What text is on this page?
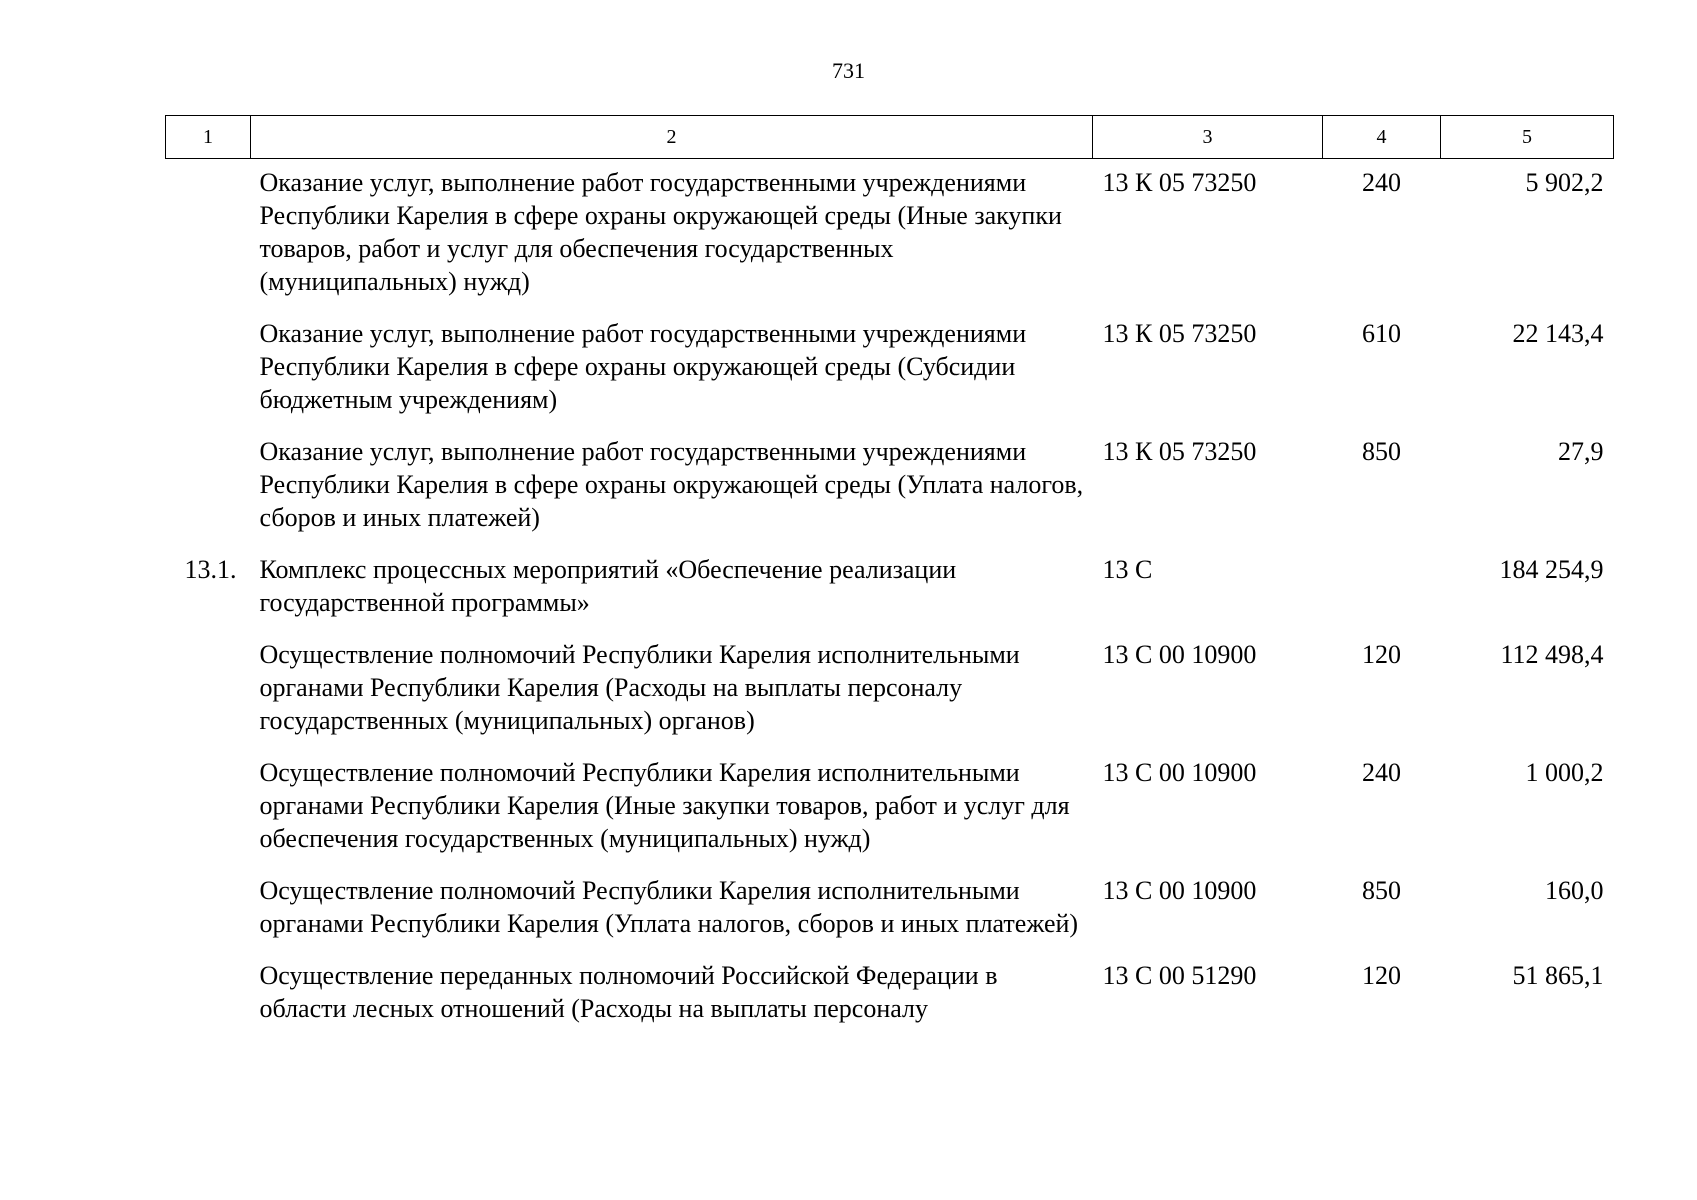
731
1	2	3	4	5
	Оказание услуг, выполнение работ государственными учреждениями Республики Карелия в сфере охраны окружающей среды (Иные закупки товаров, работ и услуг для обеспечения государственных (муниципальных) нужд)	13 К 05 73250	240	5 902,2
	Оказание услуг, выполнение работ государственными учреждениями Республики Карелия в сфере охраны окружающей среды (Субсидии бюджетным учреждениям)	13 К 05 73250	610	22 143,4
	Оказание услуг, выполнение работ государственными учреждениями Республики Карелия в сфере охраны окружающей среды (Уплата налогов, сборов и иных платежей)	13 К 05 73250	850	27,9
13.1.	Комплекс процессных мероприятий «Обеспечение реализации государственной программы»	13 С		184 254,9
	Осуществление полномочий Республики Карелия исполнительными органами Республики Карелия (Расходы на выплаты персоналу государственных (муниципальных) органов)	13 С 00 10900	120	112 498,4
	Осуществление полномочий Республики Карелия исполнительными органами Республики Карелия (Иные закупки товаров, работ и услуг для обеспечения государственных (муниципальных) нужд)	13 С 00 10900	240	1 000,2
	Осуществление полномочий Республики Карелия исполнительными органами Республики Карелия (Уплата налогов, сборов и иных платежей)	13 С 00 10900	850	160,0
	Осуществление переданных полномочий Российской Федерации в области лесных отношений (Расходы на выплаты персоналу	13 С 00 51290	120	51 865,1
